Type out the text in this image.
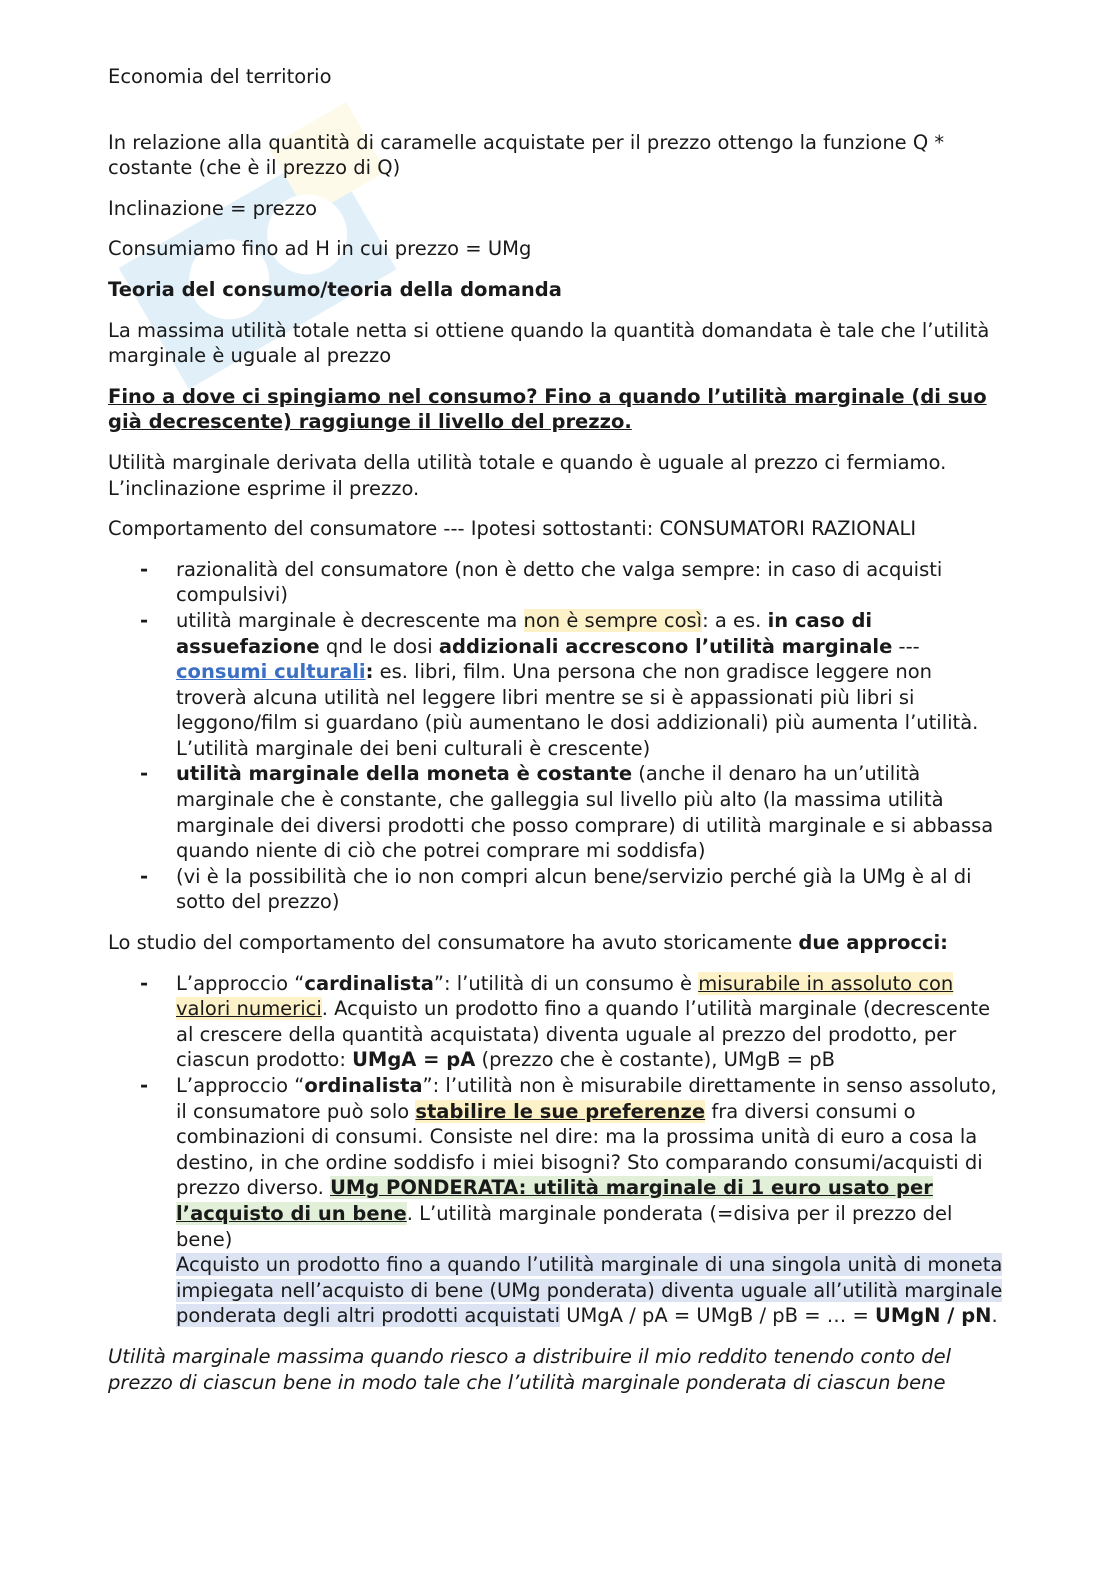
Economia del territorio

In relazione alla quantità di caramelle acquistate per il prezzo ottengo la funzione Q * costante (che è il prezzo di Q)

Inclinazione = prezzo

Consumiamo fino ad H in cui prezzo = UMg

Teoria del consumo/teoria della domanda

La massima utilità totale netta si ottiene quando la quantità domandata è tale che l’utilità marginale è uguale al prezzo

Fino a dove ci spingiamo nel consumo? Fino a quando l’utilità marginale (di suo già decrescente) raggiunge il livello del prezzo.

Utilità marginale derivata della utilità totale e quando è uguale al prezzo ci fermiamo. L’inclinazione esprime il prezzo.

Comportamento del consumatore --- Ipotesi sottostanti: CONSUMATORI RAZIONALI

- razionalità del consumatore (non è detto che valga sempre: in caso di acquisti compulsivi)
- utilità marginale è decrescente ma non è sempre così: a es. in caso di assuefazione qnd le dosi addizionali accrescono l’utilità marginale --- consumi culturali: es. libri, film. Una persona che non gradisce leggere non troverà alcuna utilità nel leggere libri mentre se si è appassionati più libri si leggono/film si guardano (più aumentano le dosi addizionali) più aumenta l’utilità. L’utilità marginale dei beni culturali è crescente)
- utilità marginale della moneta è costante (anche il denaro ha un’utilità marginale che è constante, che galleggia sul livello più alto (la massima utilità marginale dei diversi prodotti che posso comprare) di utilità marginale e si abbassa quando niente di ciò che potrei comprare mi soddisfa)
- (vi è la possibilità che io non compri alcun bene/servizio perché già la UMg è al di sotto del prezzo)

Lo studio del comportamento del consumatore ha avuto storicamente due approcci:

- L’approccio “cardinalista”: l’utilità di un consumo è misurabile in assoluto con valori numerici. Acquisto un prodotto fino a quando l’utilità marginale (decrescente al crescere della quantità acquistata) diventa uguale al prezzo del prodotto, per ciascun prodotto: UMgA = pA (prezzo che è costante), UMgB = pB
- L’approccio “ordinalista”: l’utilità non è misurabile direttamente in senso assoluto, il consumatore può solo stabilire le sue preferenze fra diversi consumi o combinazioni di consumi. Consiste nel dire: ma la prossima unità di euro a cosa la destino, in che ordine soddisfo i miei bisogni? Sto comparando consumi/acquisti di prezzo diverso. UMg PONDERATA: utilità marginale di 1 euro usato per l’acquisto di un bene. L’utilità marginale ponderata (=disiva per il prezzo del bene)
Acquisto un prodotto fino a quando l’utilità marginale di una singola unità di moneta impiegata nell’acquisto di bene (UMg ponderata) diventa uguale all’utilità marginale ponderata degli altri prodotti acquistati UMgA / pA = UMgB / pB = … = UMgN / pN.

Utilità marginale massima quando riesco a distribuire il mio reddito tenendo conto del prezzo di ciascun bene in modo tale che l’utilità marginale ponderata di ciascun bene
